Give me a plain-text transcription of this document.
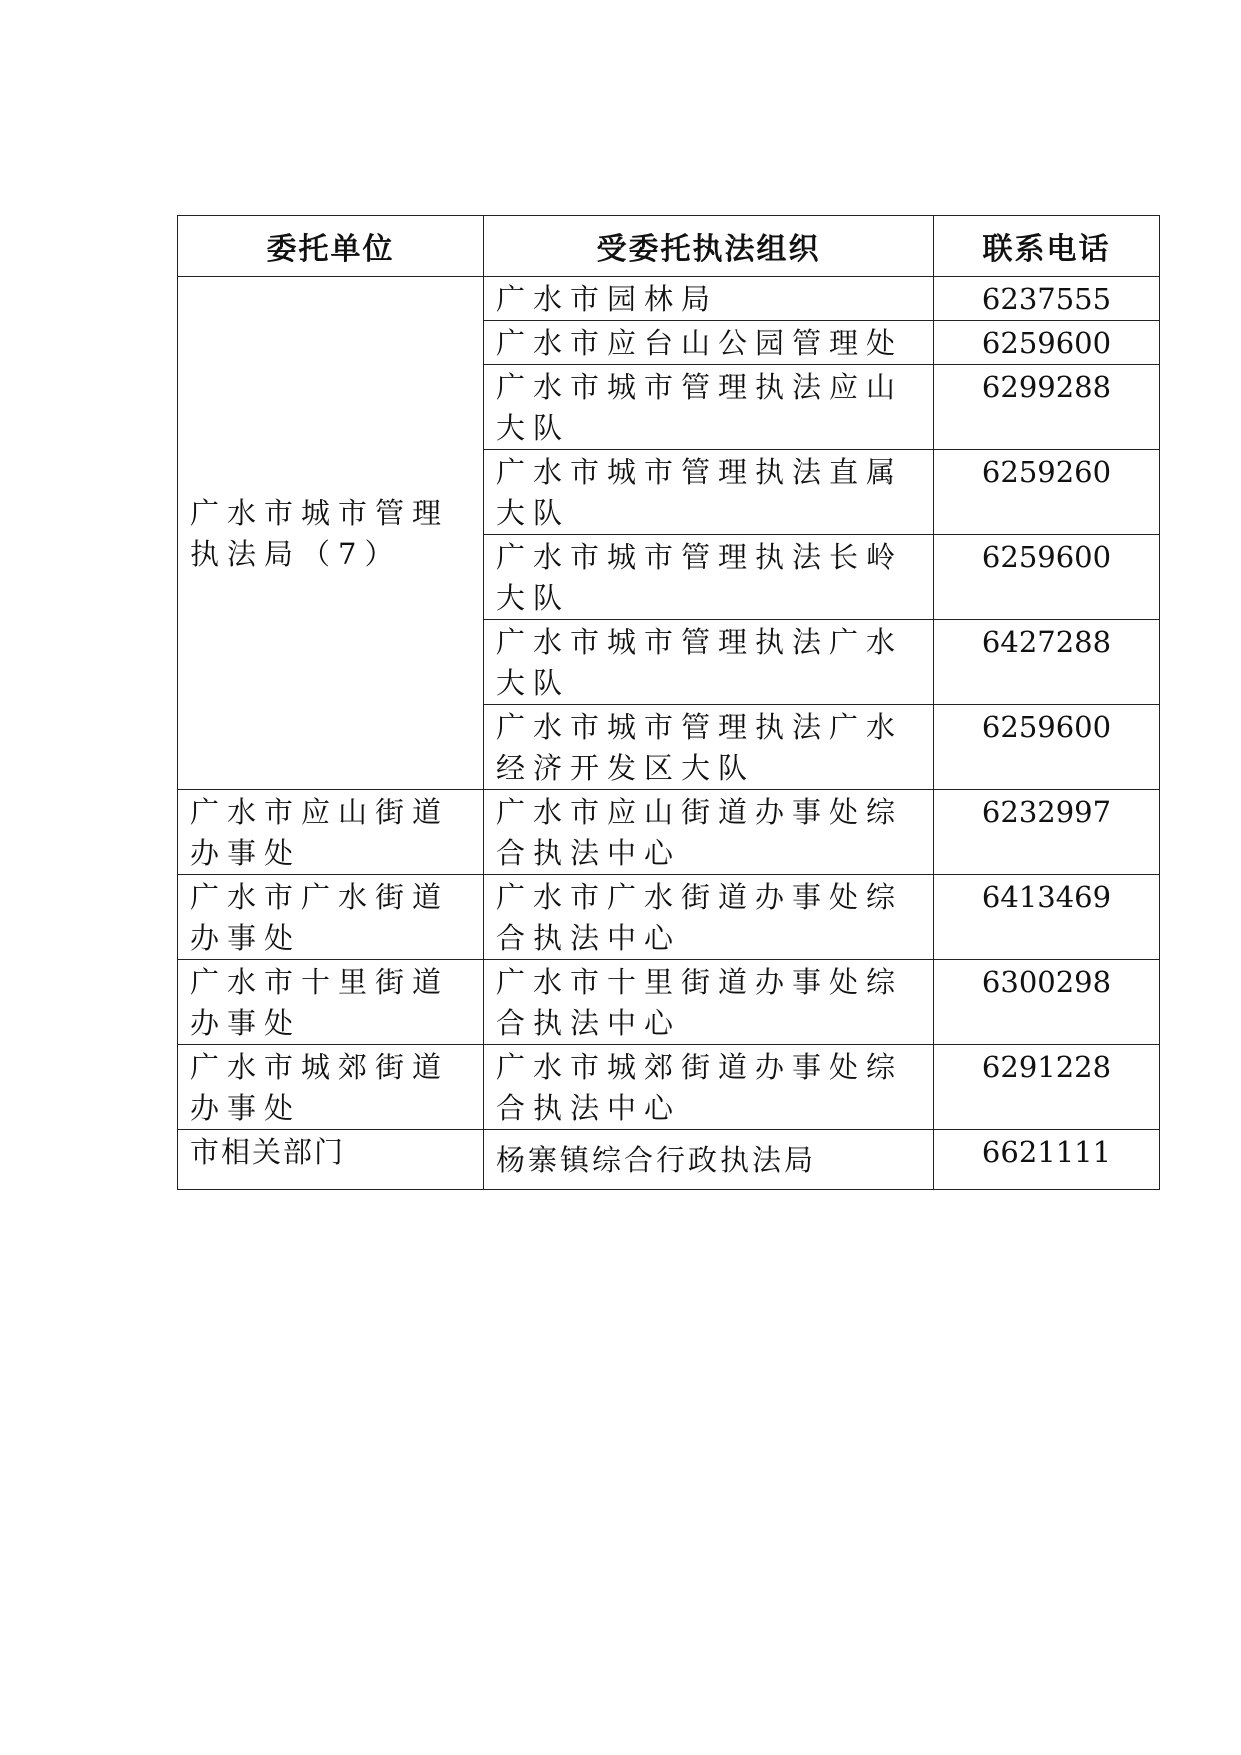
委托单位	受委托执法组织	联系电话

广水市城市管理执法局（7）	广水市园林局	6237555

	广水市应台山公园管理处	6259600

	广水市城市管理执法应山大队	6299288

	广水市城市管理执法直属大队	6259260

	广水市城市管理执法长岭大队	6259600

	广水市城市管理执法广水大队	6427288

	广水市城市管理执法广水经济开发区大队	6259600

广水市应山街道办事处	广水市应山街道办事处综合执法中心	6232997

广水市广水街道办事处	广水市广水街道办事处综合执法中心	6413469

广水市十里街道办事处	广水市十里街道办事处综合执法中心	6300298

广水市城郊街道办事处	广水市城郊街道办事处综合执法中心	6291228

市相关部门	杨寨镇综合行政执法局	6621111
